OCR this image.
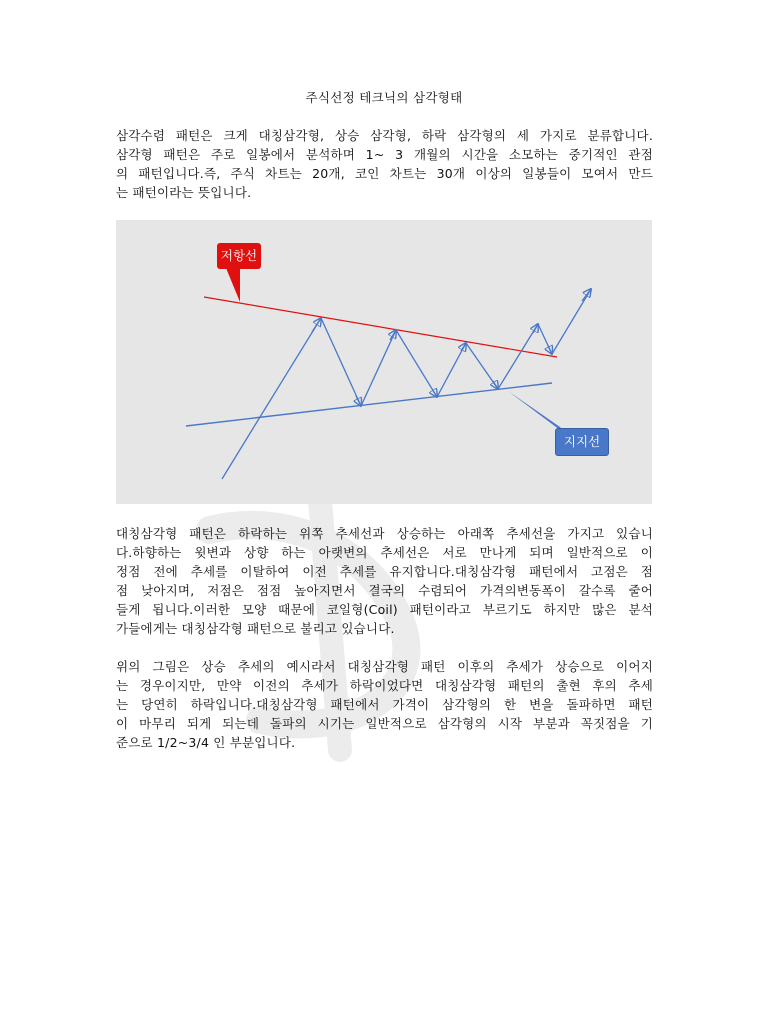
주식선정 테크닉의 삼각형태
삼각수렴 패턴은 크게 대칭삼각형, 상승 삼각형, 하락 삼각형의 세 가지로 분류합니다.
삼각형 패턴은 주로 일봉에서 분석하며 1~ 3 개월의 시간을 소모하는 중기적인 관점
의 패턴입니다.즉, 주식 차트는 20개, 코인 차트는 30개 이상의 일봉들이 모여서 만드
는 패턴이라는 뜻입니다.
저항선
지지선
대칭삼각형 패턴은 하락하는 위쪽 추세선과 상승하는 아래쪽 추세선을 가지고 있습니
다.하향하는 윗변과 상향 하는 아랫변의 추세선은 서로 만나게 되며 일반적으로 이
정점 전에 추세를 이탈하여 이전 추세를 유지합니다.대칭삼각형 패턴에서 고점은 점
점 낮아지며, 저점은 점점 높아지면서 결국의 수렴되어 가격의변동폭이 갈수록 줄어
들게 됩니다.이러한 모양 때문에 코일형(Coil) 패턴이라고 부르기도 하지만 많은 분석
가들에게는 대칭삼각형 패턴으로 불리고 있습니다.
위의 그림은 상승 추세의 예시라서 대칭삼각형 패턴 이후의 추세가 상승으로 이어지
는 경우이지만, 만약 이전의 추세가 하락이었다면 대칭삼각형 패턴의 출현 후의 추세
는 당연히 하락입니다.대칭삼각형 패턴에서 가격이 삼각형의 한 변을 돌파하면 패턴
이 마무리 되게 되는데 돌파의 시기는 일반적으로 삼각형의 시작 부분과 꼭짓점을 기
준으로 1/2~3/4 인 부분입니다.
